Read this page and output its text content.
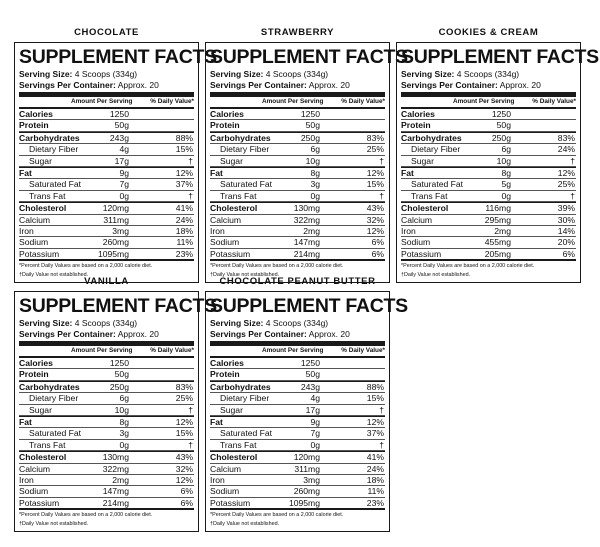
CHOCOLATE
SUPPLEMENT FACTS
Serving Size: 4 Scoops (334g)
Servings Per Container: Approx. 20
Amount Per Serving	% Daily Value*
Calories	1250
Protein	50g
Carbohydrates	243g	88%
Dietary Fiber	4g	15%
Sugar	17g	†
Fat	9g	12%
Saturated Fat	7g	37%
Trans Fat	0g	†
Cholesterol	120mg	41%
Calcium	311mg	24%
Iron	3mg	18%
Sodium	260mg	11%
Potassium	1095mg	23%
*Percent Daily Values are based on a 2,000 calorie diet.
†Daily Value not established.
STRAWBERRY
SUPPLEMENT FACTS
Serving Size: 4 Scoops (334g)
Servings Per Container: Approx. 20
Amount Per Serving	% Daily Value*
Calories	1250
Protein	50g
Carbohydrates	250g	83%
Dietary Fiber	6g	25%
Sugar	10g	†
Fat	8g	12%
Saturated Fat	3g	15%
Trans Fat	0g	†
Cholesterol	130mg	43%
Calcium	322mg	32%
Iron	2mg	12%
Sodium	147mg	6%
Potassium	214mg	6%
*Percent Daily Values are based on a 2,000 calorie diet.
†Daily Value not established.
COOKIES & CREAM
SUPPLEMENT FACTS
Serving Size: 4 Scoops (334g)
Servings Per Container: Approx. 20
Amount Per Serving	% Daily Value*
Calories	1250
Protein	50g
Carbohydrates	250g	83%
Dietary Fiber	6g	24%
Sugar	10g	†
Fat	8g	12%
Saturated Fat	5g	25%
Trans Fat	0g	†
Cholesterol	116mg	39%
Calcium	295mg	30%
Iron	2mg	14%
Sodium	455mg	20%
Potassium	205mg	6%
*Percent Daily Values are based on a 2,000 calorie diet.
†Daily Value not established.
VANILLA
SUPPLEMENT FACTS
Serving Size: 4 Scoops (334g)
Servings Per Container: Approx. 20
Amount Per Serving	% Daily Value*
Calories	1250
Protein	50g
Carbohydrates	250g	83%
Dietary Fiber	6g	25%
Sugar	10g	†
Fat	8g	12%
Saturated Fat	3g	15%
Trans Fat	0g	†
Cholesterol	130mg	43%
Calcium	322mg	32%
Iron	2mg	12%
Sodium	147mg	6%
Potassium	214mg	6%
*Percent Daily Values are based on a 2,000 calorie diet.
†Daily Value not established.
CHOCOLATE PEANUT BUTTER
SUPPLEMENT FACTS
Serving Size: 4 Scoops (334g)
Servings Per Container: Approx. 20
Amount Per Serving	% Daily Value*
Calories	1250
Protein	50g
Carbohydrates	243g	88%
Dietary Fiber	4g	15%
Sugar	17g	†
Fat	9g	12%
Saturated Fat	7g	37%
Trans Fat	0g	†
Cholesterol	120mg	41%
Calcium	311mg	24%
Iron	3mg	18%
Sodium	260mg	11%
Potassium	1095mg	23%
*Percent Daily Values are based on a 2,000 calorie diet.
†Daily Value not established.
